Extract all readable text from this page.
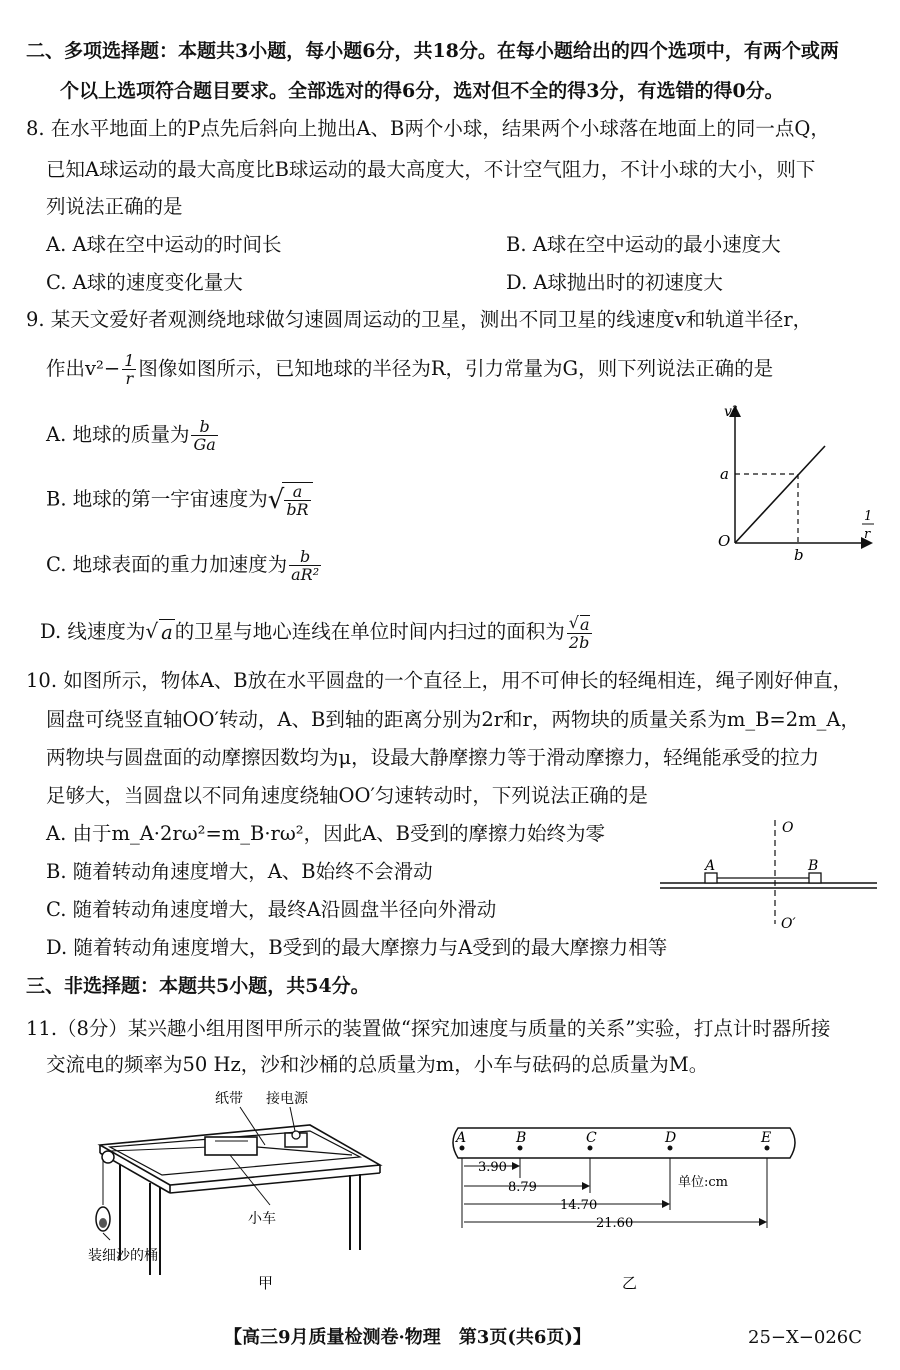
二、多项选择题：本题共3小题，每小题6分，共18分。在每小题给出的四个选项中，有两个或两
个以上选项符合题目要求。全部选对的得6分，选对但不全的得3分，有选错的得0分。
8. 在水平地面上的P点先后斜向上抛出A、B两个小球，结果两个小球落在地面上的同一点Q，
已知A球运动的最大高度比B球运动的最大高度大，不计空气阻力，不计小球的大小，则下
列说法正确的是
A. A球在空中运动的时间长	B. A球在空中运动的最小速度大
C. A球的速度变化量大	D. A球抛出时的初速度大
9. 某天文爱好者观测绕地球做匀速圆周运动的卫星，测出不同卫星的线速度v和轨道半径r，
作出$v^2- \frac{1}{r}$ 图像如图所示，已知地球的半径为R，引力常量为G，则下列说法正确的是
A. 地球的质量为 $\frac{b}{Ga}$
B. 地球的第一宇宙速度为√ $\frac{a}{bR}$
C. 地球表面的重力加速度为 $\frac{b}{\text{aR²}}$
D. 线速度为√ a 的卫星与地心连线在单位时间内扫过的面积为 $\frac{√a}{2b}$
v²
1
r
O
a
b
10. 如图所示，物体A、B放在水平圆盘的一个直径上，用不可伸长的轻绳相连，绳子刚好伸直，
圆盘可绕竖直轴OO′转动，A、B到轴的距离分别为2r和r，两物块的质量关系为m_B=2m_A，
两物块与圆盘面的动摩擦因数均为μ，设最大静摩擦力等于滑动摩擦力，轻绳能承受的拉力
足够大，当圆盘以不同角速度绕轴OO′匀速转动时，下列说法正确的是
A. 由于m_A·2rω²=m_B·rω²，因此A、B受到的摩擦力始终为零
B. 随着转动角速度增大，A、B始终不会滑动
C. 随着转动角速度增大，最终A沿圆盘半径向外滑动
D. 随着转动角速度增大，B受到的最大摩擦力与A受到的最大摩擦力相等
O
O′
A	B
三、非选择题：本题共5小题，共54分。
11.（8分）某兴趣小组用图甲所示的装置做“探究加速度与质量的关系”实验，打点计时器所接
交流电的频率为50 Hz，沙和沙桶的总质量为m，小车与砝码的总质量为M。
纸带 接电源
小车
装细沙的桶
甲
A	B	C	D	E
3.90
8.79
14.70
21.60
单位:cm
乙
【高三9月质量检测卷·物理　第3页(共6页)】	25−X−026C
